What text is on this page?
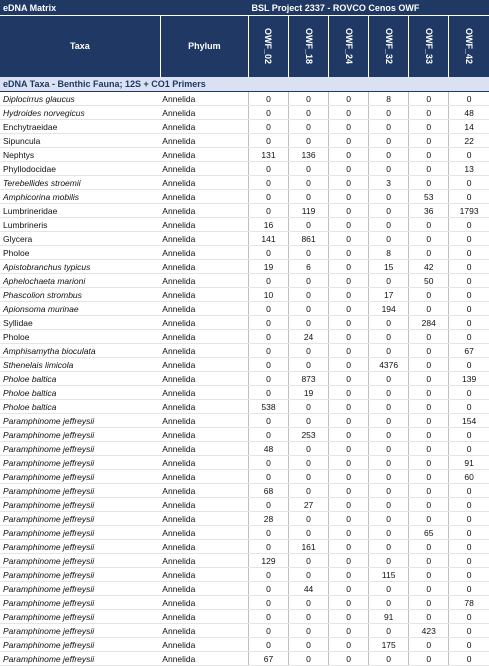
eDNA Matrix		BSL Project 2337 - ROVCO Cenos OWF					
Taxa	Phylum	OWF_02	OWF_18	OWF_24	OWF_32	OWF_33	OWF_42
eDNA Taxa - Benthic Fauna; 12S + CO1 Primers							
Diplocirrus glaucus	Annelida	0	0	0	8	0	0
Hydroides norvegicus	Annelida	0	0	0	0	0	48
Enchytraeidae	Annelida	0	0	0	0	0	14
Sipuncula	Annelida	0	0	0	0	0	22
Nephtys	Annelida	131	136	0	0	0	0
Phyllodocidae	Annelida	0	0	0	0	0	13
Terebellides stroemii	Annelida	0	0	0	3	0	0
Amphicorina mobilis	Annelida	0	0	0	0	53	0
Lumbrineridae	Annelida	0	119	0	0	36	1793
Lumbrineris	Annelida	16	0	0	0	0	0
Glycera	Annelida	141	861	0	0	0	0
Pholoe	Annelida	0	0	0	8	0	0
Apistobranchus typicus	Annelida	19	6	0	15	42	0
Aphelochaeta marioni	Annelida	0	0	0	0	50	0
Phascolion strombus	Annelida	10	0	0	17	0	0
Apionsoma murinae	Annelida	0	0	0	194	0	0
Syllidae	Annelida	0	0	0	0	284	0
Pholoe	Annelida	0	24	0	0	0	0
Amphisamytha bioculata	Annelida	0	0	0	0	0	67
Sthenelais limicola	Annelida	0	0	0	4376	0	0
Pholoe baltica	Annelida	0	873	0	0	0	139
Pholoe baltica	Annelida	0	19	0	0	0	0
Pholoe baltica	Annelida	538	0	0	0	0	0
Paramphinome jeffreysii	Annelida	0	0	0	0	0	154
Paramphinome jeffreysii	Annelida	0	253	0	0	0	0
Paramphinome jeffreysii	Annelida	48	0	0	0	0	0
Paramphinome jeffreysii	Annelida	0	0	0	0	0	91
Paramphinome jeffreysii	Annelida	0	0	0	0	0	60
Paramphinome jeffreysii	Annelida	68	0	0	0	0	0
Paramphinome jeffreysii	Annelida	0	27	0	0	0	0
Paramphinome jeffreysii	Annelida	28	0	0	0	0	0
Paramphinome jeffreysii	Annelida	0	0	0	0	65	0
Paramphinome jeffreysii	Annelida	0	161	0	0	0	0
Paramphinome jeffreysii	Annelida	129	0	0	0	0	0
Paramphinome jeffreysii	Annelida	0	0	0	115	0	0
Paramphinome jeffreysii	Annelida	0	44	0	0	0	0
Paramphinome jeffreysii	Annelida	0	0	0	0	0	78
Paramphinome jeffreysii	Annelida	0	0	0	91	0	0
Paramphinome jeffreysii	Annelida	0	0	0	0	423	0
Paramphinome jeffreysii	Annelida	0	0	0	175	0	0
Paramphinome jeffreysii	Annelida	67	0	0	0	0	0
